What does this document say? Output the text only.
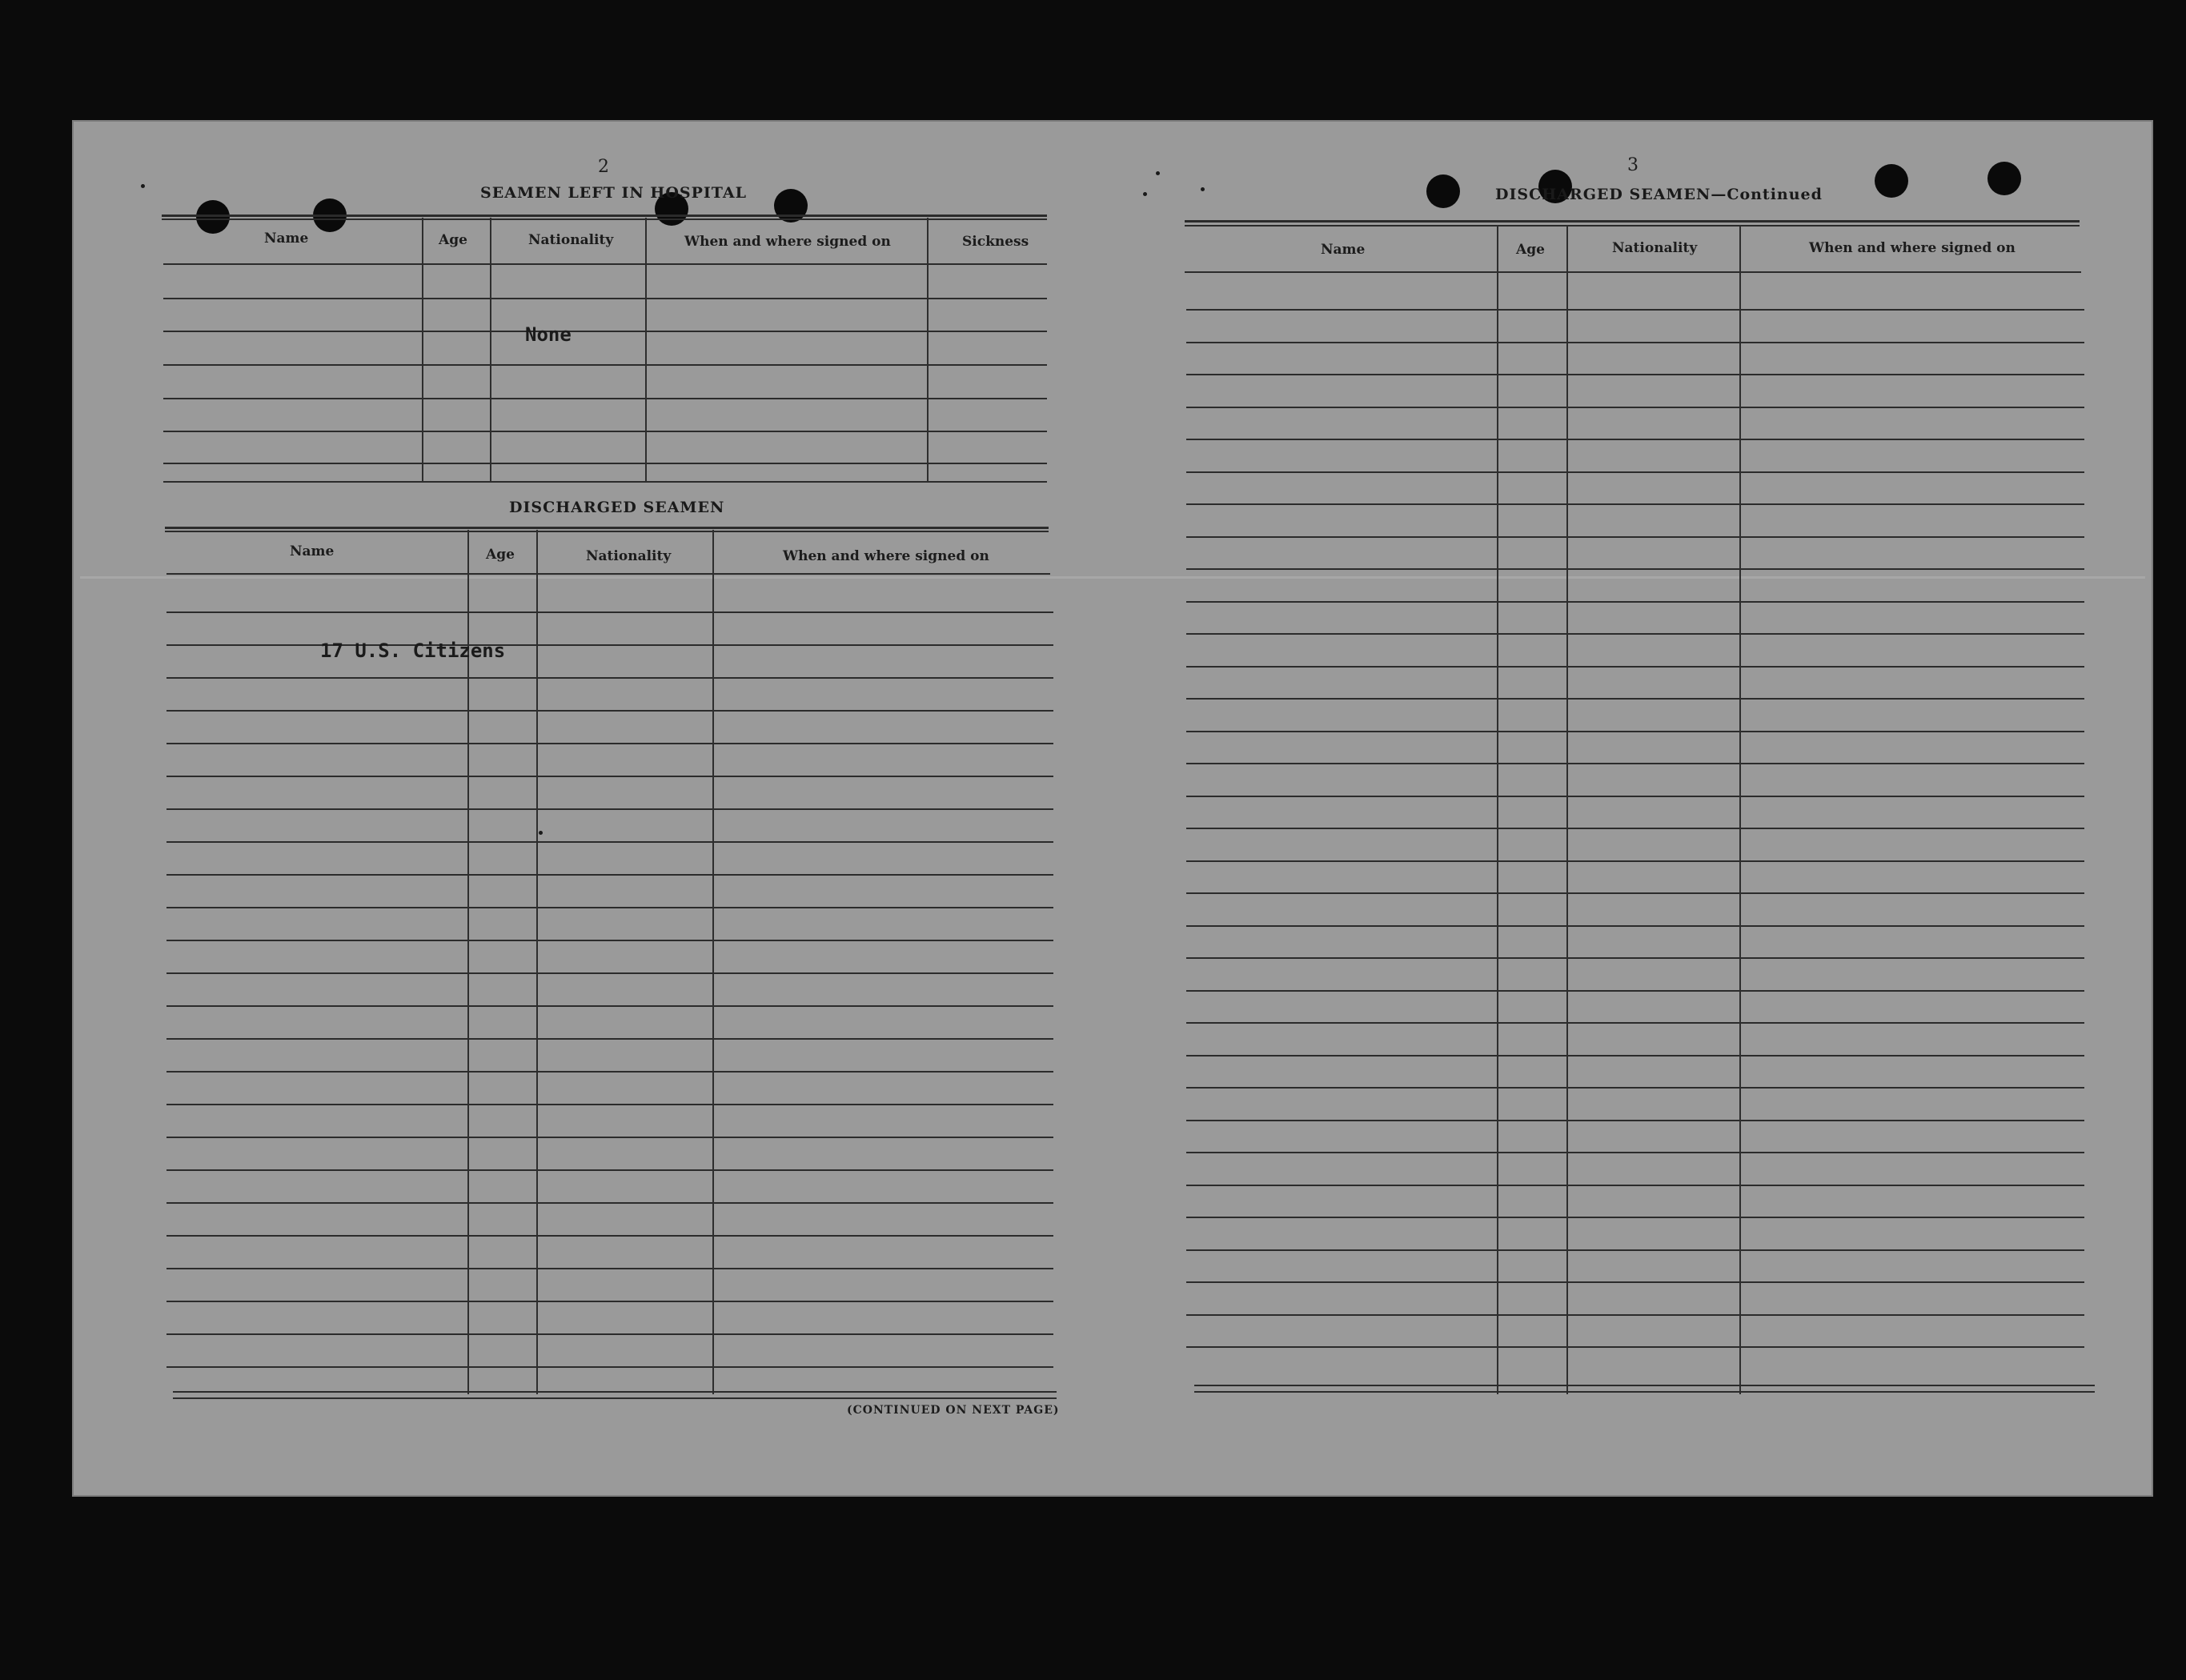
2
SEAMEN LEFT IN HOSPITAL
Name	Age	Nationality	When and where signed on	Sickness
None
DISCHARGED SEAMEN
Name	Age	Nationality	When and where signed on
17 U.S. Citizens
(CONTINUED ON NEXT PAGE)
3
DISCHARGED SEAMEN—Continued
Name	Age	Nationality	When and where signed on
